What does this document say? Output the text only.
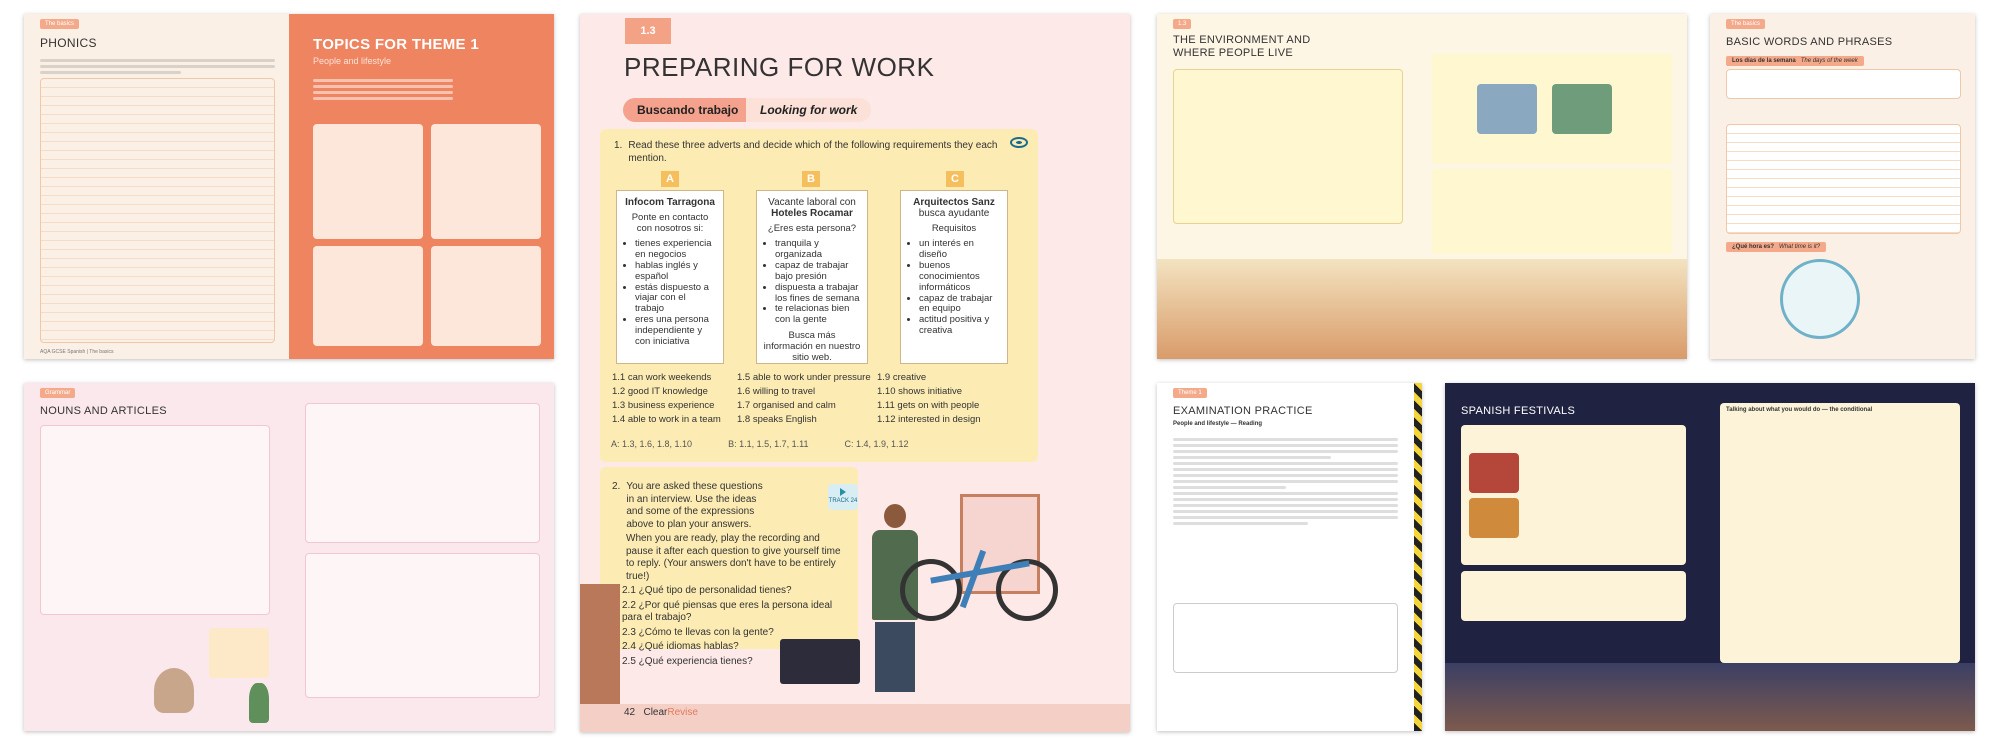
The basics
PHONICS
AQA GCSE Spanish | The basics
TOPICS FOR THEME 1
People and lifestyle
Grammar
NOUNS AND ARTICLES
1.3
PREPARING FOR WORK
Buscando trabajo	Looking for work
1. Read these three adverts and decide which of the following requirements they each mention.
A	B	C
Infocom Tarragona

Ponte en contacto con nosotros si:

• tienes experiencia en negocios
• hablas inglés y español
• estás dispuesto a viajar con el trabajo
• eres una persona independiente y con iniciativa
Vacante laboral con
Hoteles Rocamar

¿Eres esta persona?

• tranquila y organizada
• capaz de trabajar bajo presión
• dispuesta a trabajar los fines de semana
• te relacionas bien con la gente

Busca más información en nuestro sitio web.

Arquitectos Sanz
busca ayudante

Requisitos

• un interés en diseño
• buenos conocimientos informáticos
• capaz de trabajar en equipo
• actitud positiva y creativa
1.1 can work weekends	1.5 able to work under pressure 1.9 creative
1.2 good IT knowledge	1.6 willing to travel	1.10 shows initiative
1.3 business experience	1.7 organised and calm	1.11 gets on with people
1.4 able to work in a team	1.8 speaks English	1.12 interested in design
A: 1.3, 1.6, 1.8, 1.10	B: 1.1, 1.5, 1.7, 1.11	C: 1.4, 1.9, 1.12
2. You are asked these questions in an interview. Use the ideas and some of the expressions above to plan your answers.
When you are ready, play the recording and pause it after each question to give yourself time to reply. (Your answers don't have to be entirely true!)
2.1 ¿Qué tipo de personalidad tienes?
2.2 ¿Por qué piensas que eres la persona ideal para el trabajo?
2.3 ¿Cómo te llevas con la gente?
2.4 ¿Qué idiomas hablas?
2.5 ¿Qué experiencia tienes?
TRACK 24
42 ClearRevise
1.3
THE ENVIRONMENT AND
WHERE PEOPLE LIVE
Theme 1
EXAMINATION PRACTICE
People and lifestyle — Reading
SPANISH FESTIVALS	Talking about what you would do — the conditional
The basics
BASIC WORDS AND PHRASES
Los días de la semana The days of the week
¿Qué hora es? What time is it?
